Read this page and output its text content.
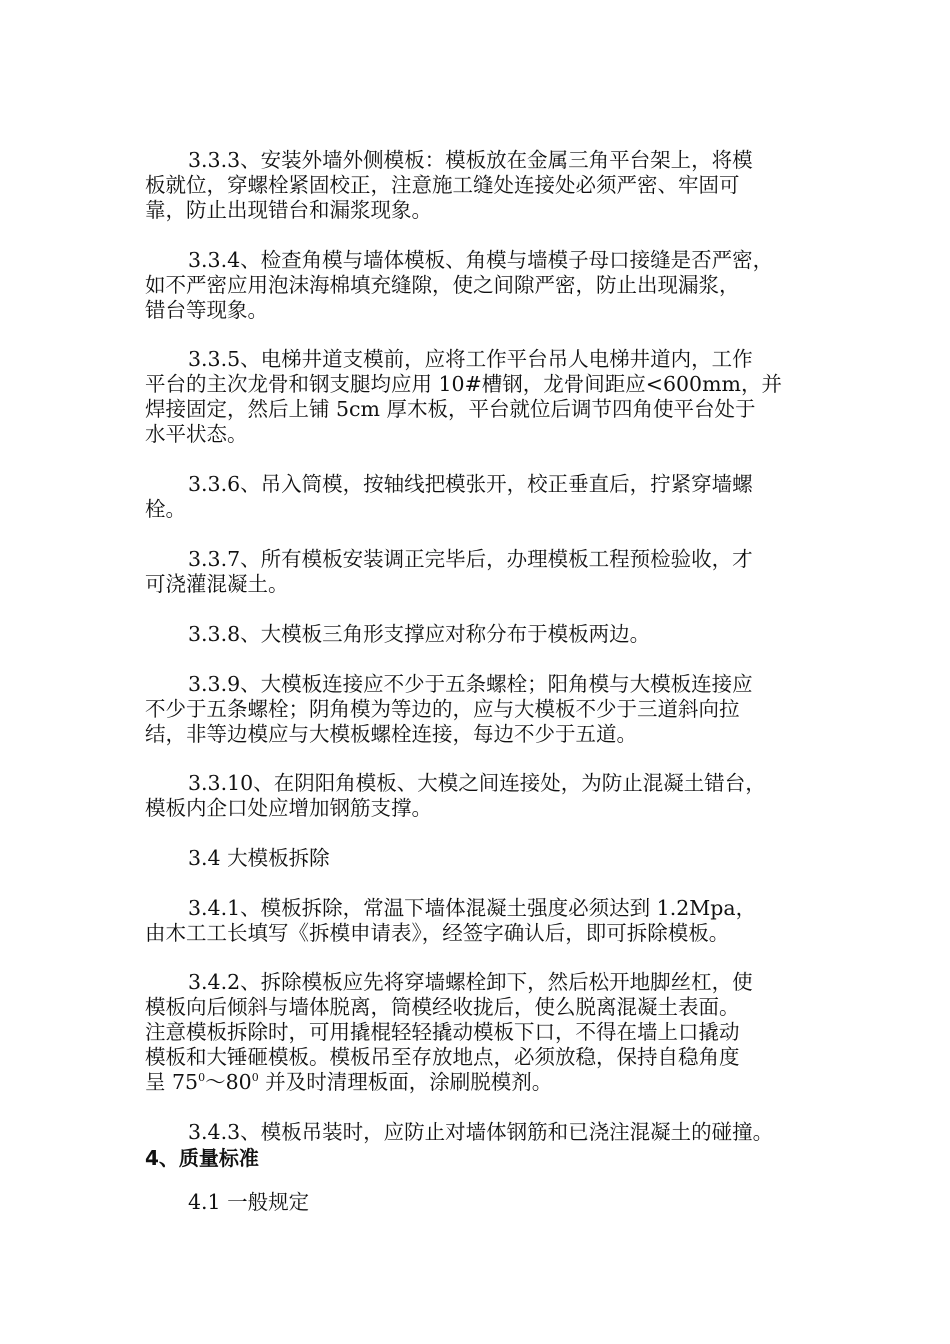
3.3.3、安装外墙外侧模板：模板放在金属三角平台架上，将模
板就位，穿螺栓紧固校正，注意施工缝处连接处必须严密、牢固可
靠，防止出现错台和漏浆现象。
3.3.4、检查角模与墙体模板、角模与墙模子母口接缝是否严密，
如不严密应用泡沫海棉填充缝隙，使之间隙严密，防止出现漏浆，
错台等现象。
3.3.5、电梯井道支模前，应将工作平台吊人电梯井道内，工作
平台的主次龙骨和钢支腿均应用 10#槽钢，龙骨间距应<600mm，并
焊接固定，然后上铺 5cm 厚木板，平台就位后调节四角使平台处于
水平状态。
3.3.6、吊入筒模，按轴线把模张开，校正垂直后，拧紧穿墙螺
栓。
3.3.7、所有模板安装调正完毕后，办理模板工程预检验收，才
可浇灌混凝土。
3.3.8、大模板三角形支撑应对称分布于模板两边。
3.3.9、大模板连接应不少于五条螺栓；阳角模与大模板连接应
不少于五条螺栓；阴角模为等边的，应与大模板不少于三道斜向拉
结，非等边模应与大模板螺栓连接，每边不少于五道。
3.3.10、在阴阳角模板、大模之间连接处，为防止混凝土错台，
模板内企口处应增加钢筋支撑。
3.4 大模板拆除
3.4.1、模板拆除，常温下墙体混凝土强度必须达到 1.2Mpa，
由木工工长填写《拆模申请表》，经签字确认后，即可拆除模板。
3.4.2、拆除模板应先将穿墙螺栓卸下，然后松开地脚丝杠，使
模板向后倾斜与墙体脱离，筒模经收拢后，使么脱离混凝土表面。
注意模板拆除时，可用撬棍轻轻撬动模板下口，不得在墙上口撬动
模板和大锤砸模板。模板吊至存放地点，必须放稳，保持自稳角度
呈 $75^0\sim 80^0$ 并及时清理板面，涂刷脱模剂。
3.4.3、模板吊装时，应防止对墙体钢筋和已浇注混凝土的碰撞。
4、质量标准
4.1 一般规定
